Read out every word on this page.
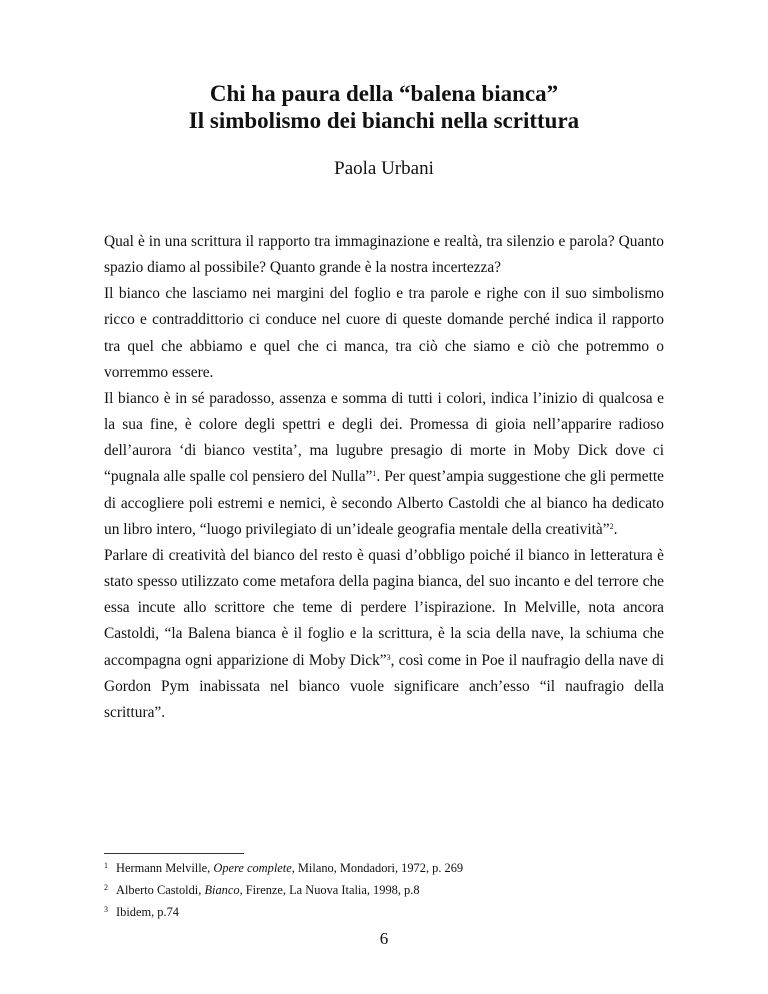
Chi ha paura della “balena bianca”
Il simbolismo dei bianchi nella scrittura
Paola Urbani

Qual è in una scrittura il rapporto tra immaginazione e realtà, tra silenzio e parola? Quanto spazio diamo al possibile? Quanto grande è la nostra incertezza?

Il bianco che lasciamo nei margini del foglio e tra parole e righe con il suo simbolismo ricco e contraddittorio ci conduce nel cuore di queste domande perché indica il rapporto tra quel che abbiamo e quel che ci manca, tra ciò che siamo e ciò che potremmo o vorremmo essere.

Il bianco è in sé paradosso, assenza e somma di tutti i colori, indica l’inizio di qualcosa e la sua fine, è colore degli spettri e degli dei. Promessa di gioia nell’apparire radioso dell’aurora ‘di bianco vestita’, ma lugubre presagio di morte in Moby Dick dove ci “pugnala alle spalle col pensiero del Nulla”$^1$. Per quest’ampia suggestione che gli permette di accogliere poli estremi e nemici, è secondo Alberto Castoldi che al bianco ha dedicato un libro intero, “luogo privilegiato di un’ideale geografia mentale della creatività”$^2$.

Parlare di creatività del bianco del resto è quasi d’obbligo poiché il bianco in letteratura è stato spesso utilizzato come metafora della pagina bianca, del suo incanto e del terrore che essa incute allo scrittore che teme di perdere l’ispirazione. In Melville, nota ancora Castoldi, “la Balena bianca è il foglio e la scrittura, è la scia della nave, la schiuma che accompagna ogni apparizione di Moby Dick”$^3$, così come in Poe il naufragio della nave di Gordon Pym inabissata nel bianco vuole significare anch’esso “il naufragio della scrittura”.

1 Hermann Melville, Opere complete, Milano, Mondadori, 1972, p. 269
2 Alberto Castoldi, Bianco, Firenze, La Nuova Italia, 1998, p.8
3 Ibidem, p.74
6
